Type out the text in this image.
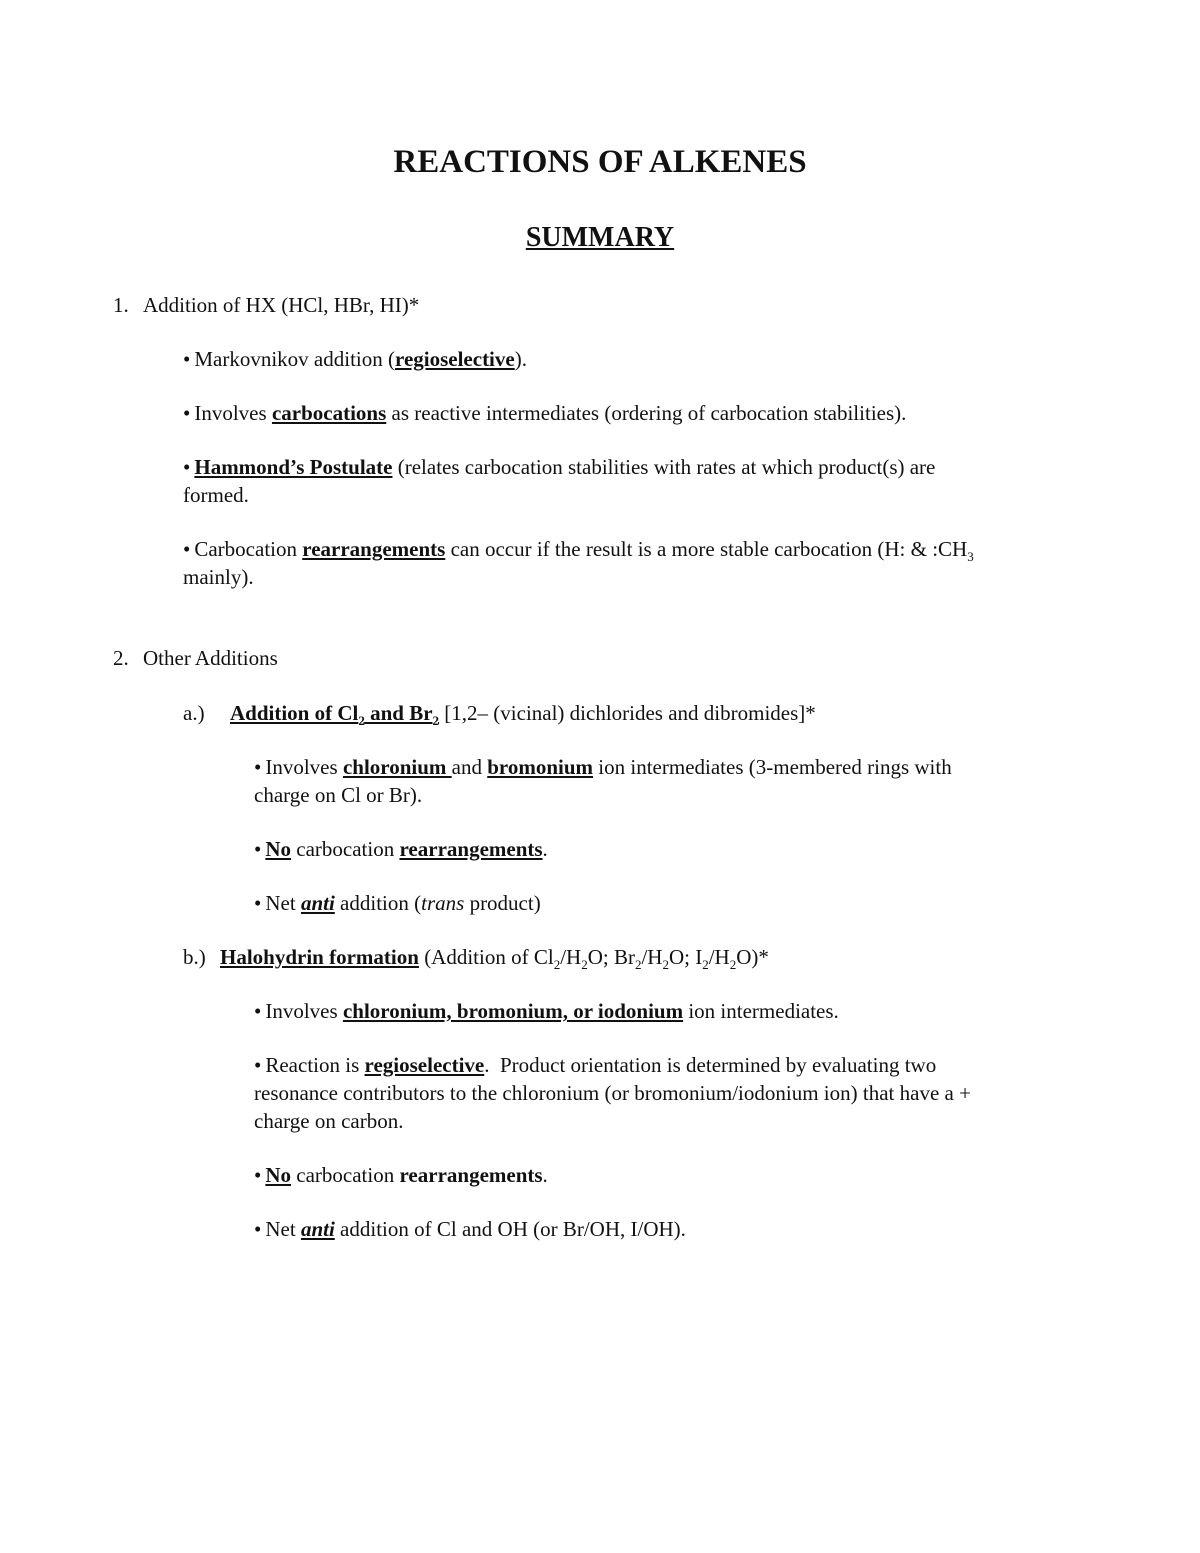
REACTIONS OF ALKENES
SUMMARY
1. Addition of HX (HCl, HBr, HI)*
• Markovnikov addition (regioselective).
• Involves carbocations as reactive intermediates (ordering of carbocation stabilities).
• Hammond’s Postulate (relates carbocation stabilities with rates at which product(s) are
formed.
• Carbocation rearrangements can occur if the result is a more stable carbocation (H: & $:CH_3$
mainly).
2. Other Additions
a.) Addition of $Cl_2$ and $Br_2$ [1,2– (vicinal) dichlorides and dibromides]*
• Involves chloronium and bromonium ion intermediates (3-membered rings with
charge on Cl or Br).
• No carbocation rearrangements.
• Net anti addition (trans product)
b.) Halohydrin formation (Addition of $Cl_2/H_2O$; $Br_2/H_2O$; $I_2/H_2O)*$
• Involves chloronium, bromonium, or iodonium ion intermediates.
• Reaction is regioselective.  Product orientation is determined by evaluating two
resonance contributors to the chloronium (or bromonium/iodonium ion) that have a +
charge on carbon.
• No carbocation rearrangements.
• Net anti addition of Cl and OH (or Br/OH, I/OH).
